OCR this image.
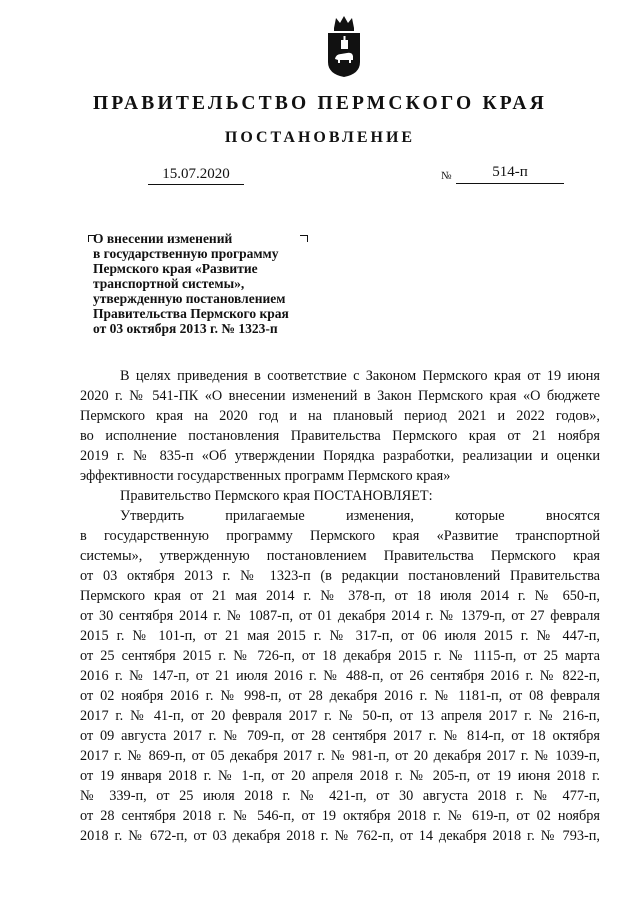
ПРАВИТЕЛЬСТВО ПЕРМСКОГО КРАЯ
ПОСТАНОВЛЕНИЕ
15.07.2020	№	514-п
О внесении изменений
в государственную программу
Пермского края «Развитие
транспортной системы»,
утвержденную постановлением
Правительства Пермского края
от 03 октября 2013 г. № 1323-п
В целях приведения в соответствие с Законом Пермского края от 19 июня
2020 г. № 541-ПК «О внесении изменений в Закон Пермского края «О бюджете
Пермского края на 2020 год и на плановый период 2021 и 2022 годов»,
во исполнение постановления Правительства Пермского края от 21 ноября
2019 г. № 835-п «Об утверждении Порядка разработки, реализации и оценки
эффективности государственных программ Пермского края»
Правительство Пермского края ПОСТАНОВЛЯЕТ:
Утвердить прилагаемые изменения, которые вносятся
в государственную программу Пермского края «Развитие транспортной
системы», утвержденную постановлением Правительства Пермского края
от 03 октября 2013 г. № 1323-п (в редакции постановлений Правительства
Пермского края от 21 мая 2014 г. № 378-п, от 18 июля 2014 г. № 650-п,
от 30 сентября 2014 г. № 1087-п, от 01 декабря 2014 г. № 1379-п, от 27 февраля
2015 г. № 101-п, от 21 мая 2015 г. № 317-п, от 06 июля 2015 г. № 447-п,
от 25 сентября 2015 г. № 726-п, от 18 декабря 2015 г. № 1115-п, от 25 марта
2016 г. № 147-п, от 21 июля 2016 г. № 488-п, от 26 сентября 2016 г. № 822-п,
от 02 ноября 2016 г. № 998-п, от 28 декабря 2016 г. № 1181-п, от 08 февраля
2017 г. № 41-п, от 20 февраля 2017 г. № 50-п, от 13 апреля 2017 г. № 216-п,
от 09 августа 2017 г. № 709-п, от 28 сентября 2017 г. № 814-п, от 18 октября
2017 г. № 869-п, от 05 декабря 2017 г. № 981-п, от 20 декабря 2017 г. № 1039-п,
от 19 января 2018 г. № 1-п, от 20 апреля 2018 г. № 205-п, от 19 июня 2018 г.
№ 339-п, от 25 июля 2018 г. № 421-п, от 30 августа 2018 г. № 477-п,
от 28 сентября 2018 г. № 546-п, от 19 октября 2018 г. № 619-п, от 02 ноября
2018 г. № 672-п, от 03 декабря 2018 г. № 762-п, от 14 декабря 2018 г. № 793-п,
